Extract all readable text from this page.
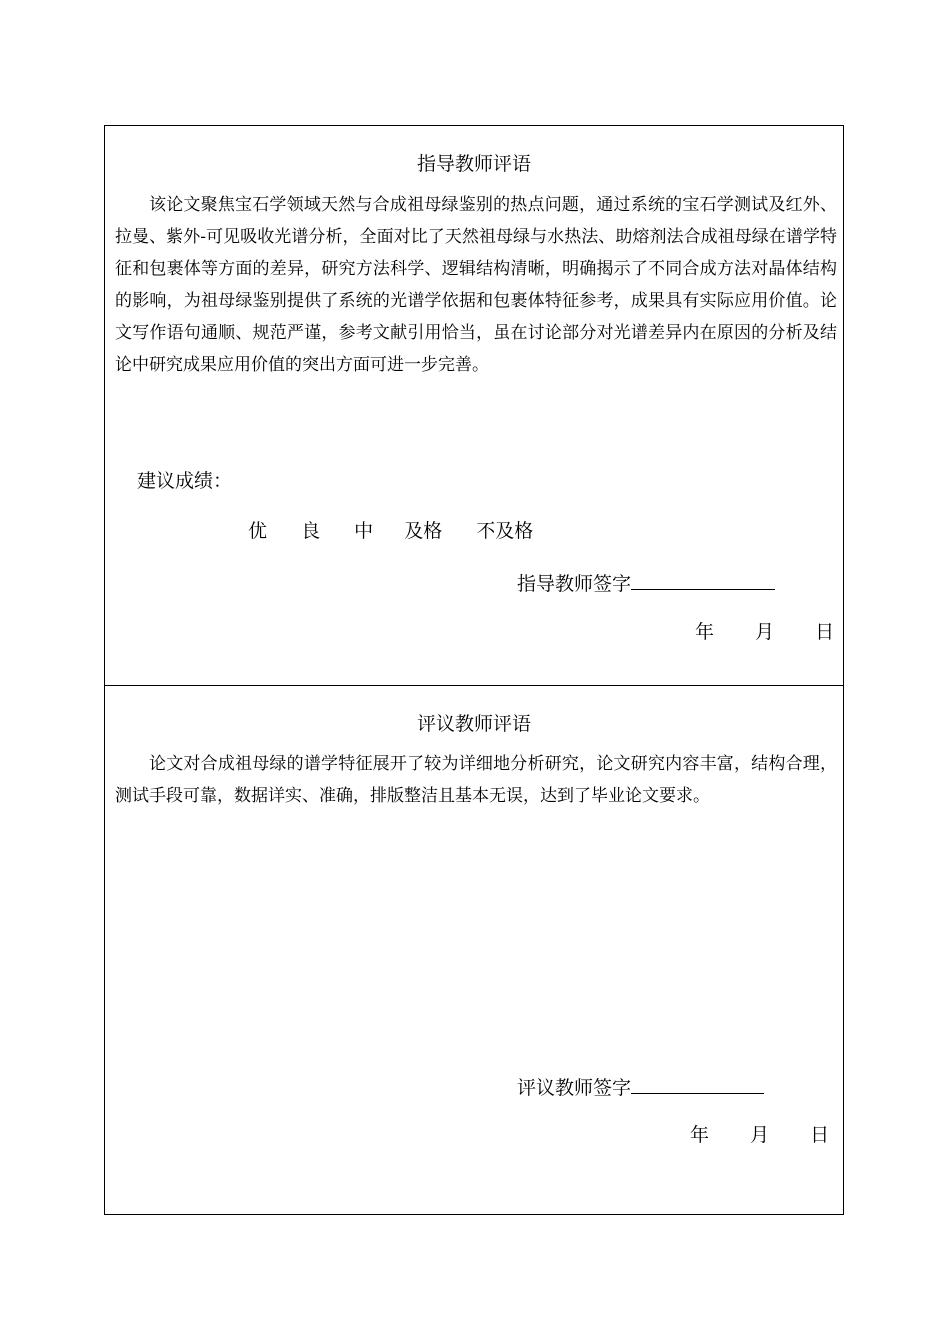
指导教师评语

该论文聚焦宝石学领域天然与合成祖母绿鉴别的热点问题，通过系统的宝石学测试及红外、拉曼、紫外-可见吸收光谱分析，全面对比了天然祖母绿与水热法、助熔剂法合成祖母绿在谱学特征和包裹体等方面的差异，研究方法科学、逻辑结构清晰，明确揭示了不同合成方法对晶体结构的影响，为祖母绿鉴别提供了系统的光谱学依据和包裹体特征参考，成果具有实际应用价值。论文写作语句通顺、规范严谨，参考文献引用恰当，虽在讨论部分对光谱差异内在原因的分析及结论中研究成果应用价值的突出方面可进一步完善。

建议成绩：
优 良 中 及格 不及格
指导教师签字
年 月 日
评议教师评语

论文对合成祖母绿的谱学特征展开了较为详细地分析研究，论文研究内容丰富，结构合理，测试手段可靠，数据详实、准确，排版整洁且基本无误，达到了毕业论文要求。

评议教师签字
年 月 日
